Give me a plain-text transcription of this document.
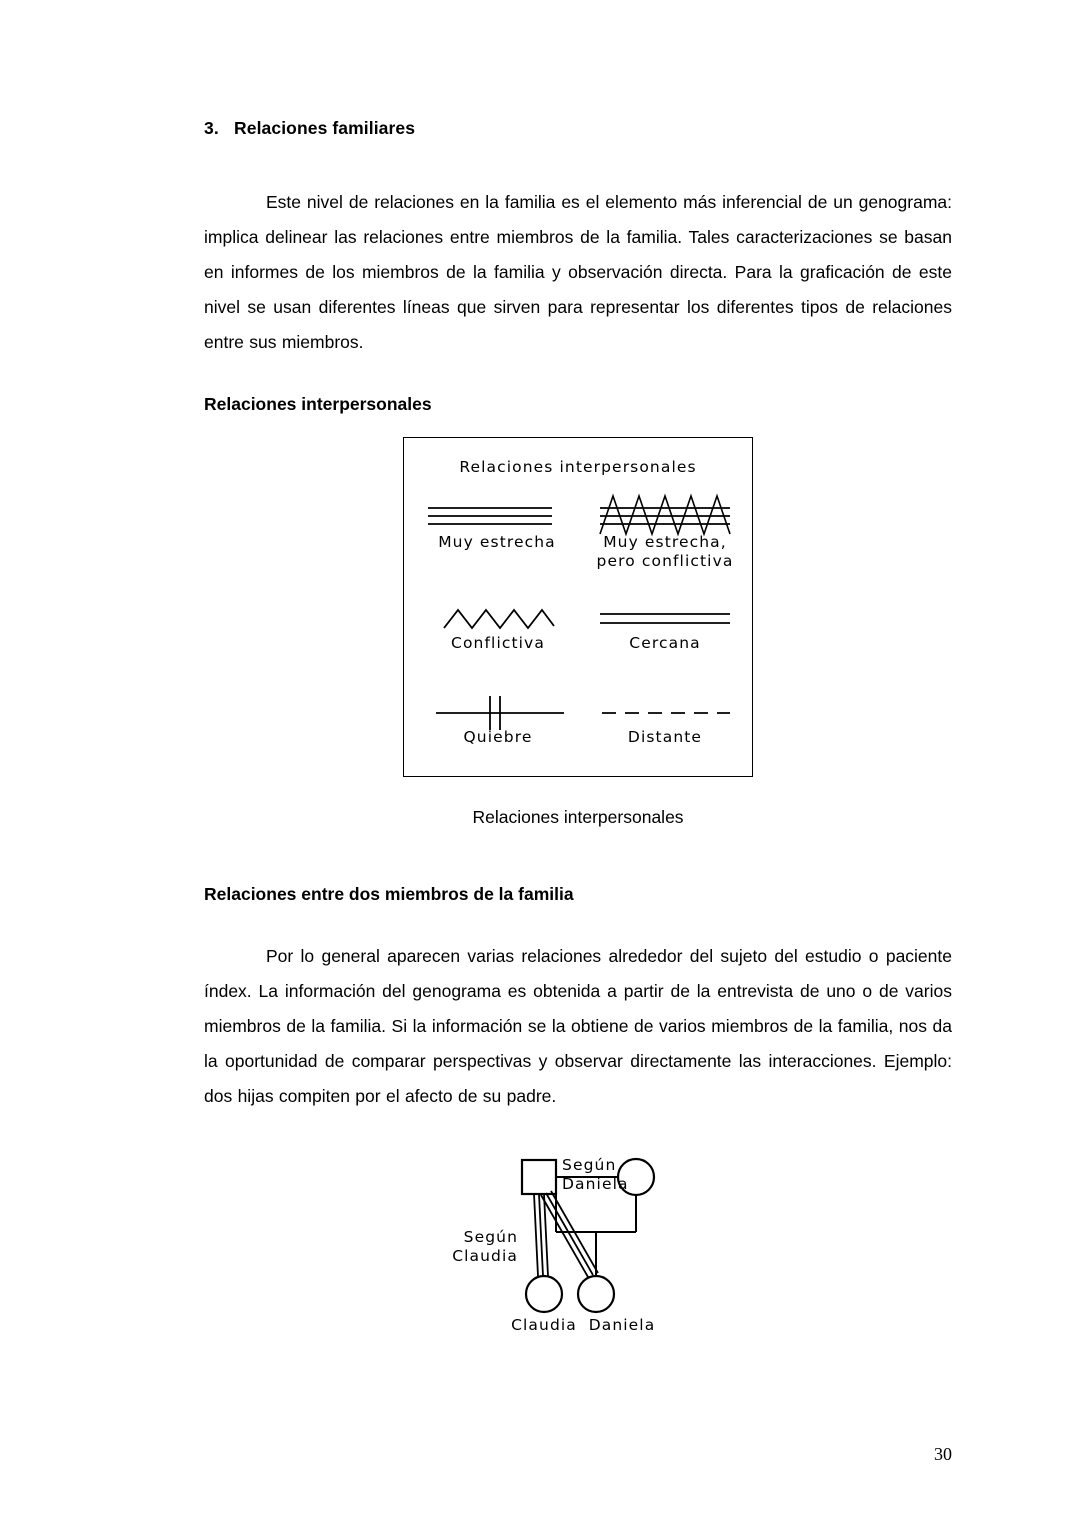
3. Relaciones familiares

Este nivel de relaciones en la familia es el elemento más inferencial de un genograma: implica delinear las relaciones entre miembros de la familia. Tales caracterizaciones se basan en informes de los miembros de la familia y observación directa. Para la graficación de este nivel se usan diferentes líneas que sirven para representar los diferentes tipos de relaciones entre sus miembros.

Relaciones interpersonales
Relaciones interpersonales
Muy estrecha	Muy estrecha,
pero conflictiva
Conflictiva	Cercana
Quiebre	Distante

Relaciones interpersonales

Relaciones entre dos miembros de la familia

Por lo general aparecen varias relaciones alrededor del sujeto del estudio o paciente índex. La información del genograma es obtenida a partir de la entrevista de uno o de varios miembros de la familia. Si la información se la obtiene de varios miembros de la familia, nos da la oportunidad de comparar perspectivas y observar directamente las interacciones. Ejemplo: dos hijas compiten por el afecto de su padre.

Según
Daniela
Según
Claudia
Claudia Daniela
30
